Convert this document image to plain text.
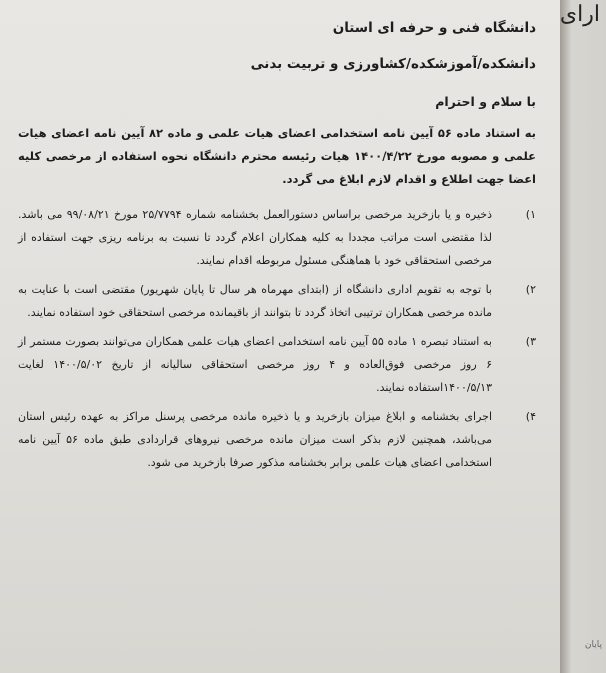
دانشگاه فنی و حرفه ای استان
دانشکده/آموزشکده/کشاورزی و تربیت بدنی
با سلام و احترام
به استناد ماده ۵۶ آیین نامه استخدامی اعضای هیات علمی و ماده ۸۲ آیین نامه اعضای هیات علمی و مصوبه مورخ ۱۴۰۰/۴/۲۲ هیات رئیسه محترم دانشگاه نحوه استفاده از مرخصی کلیه اعضا جهت اطلاع و اقدام لازم ابلاغ می گردد.
۱)
ذخیره و یا بازخرید مرخصی براساس دستورالعمل بخشنامه شماره ۲۵/۷۷۹۴ مورخ ۹۹/۰۸/۲۱ می باشد. لذا مقتضی است مراتب مجددا به کلیه همکاران اعلام گردد تا نسبت به برنامه ریزی جهت استفاده از مرخصی استحقاقی خود با هماهنگی مسئول مربوطه اقدام نمایند.
۲)
با توجه به تقویم اداری دانشگاه از (ابتدای مهرماه هر سال تا پایان شهریور) مقتضی است با عنایت به مانده مرخصی همکاران ترتیبی اتخاذ گردد تا بتوانند از باقیمانده مرخصی استحقاقی خود استفاده نمایند.
۳)
به استناد تبصره ۱ ماده ۵۵ آیین نامه استخدامی اعضای هیات علمی همکاران می‌توانند بصورت مستمر از ۶ روز مرخصی فوق‌العاده و ۴ روز مرخصی استحقاقی سالیانه از تاریخ ۱۴۰۰/۵/۰۲ لغایت ۱۴۰۰/۵/۱۳استفاده نمایند.
۴)
اجرای بخشنامه و ابلاغ میزان بازخرید و یا ذخیره مانده مرخصی پرسنل مراکز به عهده رئیس استان می‌باشد، همچنین لازم بذکر است میزان مانده مرخصی نیروهای قراردادی طبق ماده ۵۶ آیین نامه استخدامی اعضای هیات علمی برابر بخشنامه مذکور صرفا بازخرید می شود.
ارای
پایان
